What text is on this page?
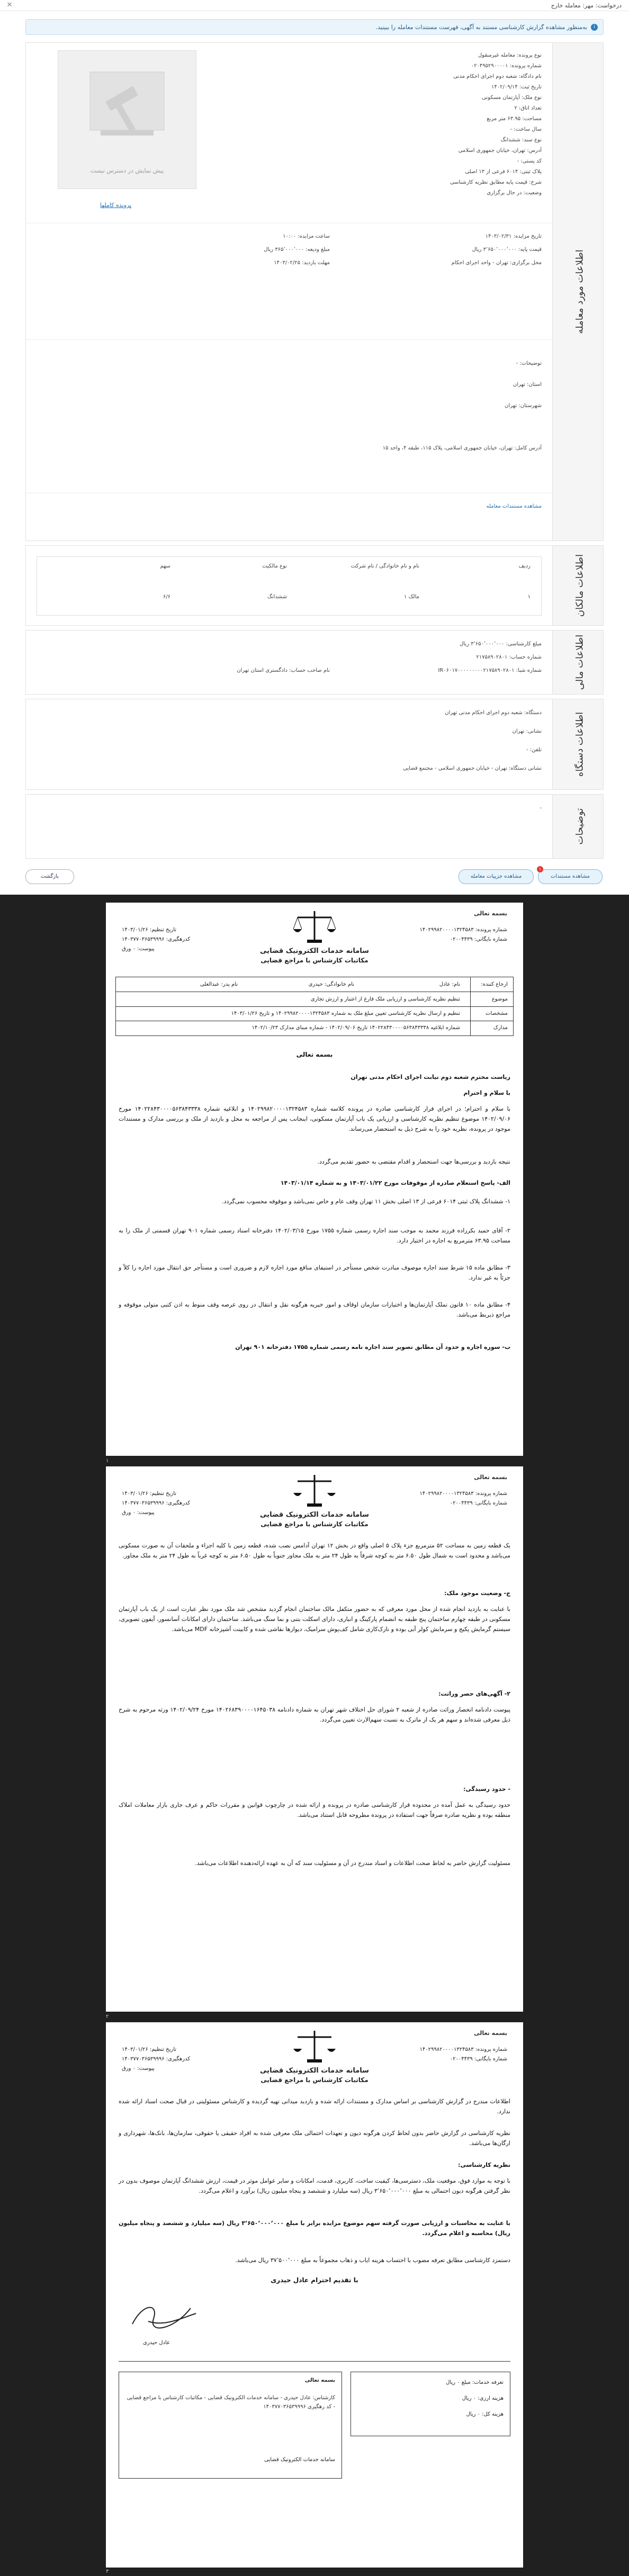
درخواست: مهر: معامله خارج
✕
i
به‌منظور مشاهده گزارش کارشناسی مستند به آگهی، فهرست مستندات معامله را ببینید.
اطلاعات مورد معامله
پیش نمایش در دسترس نیست
پرونده کاملها
نوع پرونده: معامله غیرمنقول
شماره پرونده: ۰۲۰۴۹۵۲۹۰۰۰۰۱
نام دادگاه: شعبه دوم اجرای احکام مدنی
تاریخ ثبت: ۱۴۰۲/۰۹/۱۴
نوع ملک: آپارتمان مسکونی
تعداد اتاق: ۲
مساحت: ۶۳.۹۵ متر مربع
سال ساخت: -
نوع سند: ششدانگ
آدرس: تهران، خیابان جمهوری اسلامی
کد پستی: -
پلاک ثبتی: ۶۰۱۴ فرعی از ۱۳ اصلی
شرح: قیمت پایه مطابق نظریه کارشناسی
وضعیت: در حال برگزاری
تاریخ مزایده: ۱۴۰۳/۰۲/۳۱
ساعت مزایده: ۱۰:۰۰
قیمت پایه: ۳٬۶۵۰٬۰۰۰٬۰۰۰ ریال
مبلغ ودیعه: ۳۶۵٬۰۰۰٬۰۰۰ ریال
محل برگزاری: تهران - واحد اجرای احکام
مهلت بازدید: ۱۴۰۳/۰۲/۲۵
توضیحات: -
استان: تهران
شهرستان: تهران
آدرس کامل: تهران، خیابان جمهوری اسلامی، پلاک ۱۱۵، طبقه ۴، واحد ۱۵
مشاهده مستندات معامله
اطلاعات مالکان
ردیف
نام و نام خانوادگی / نام شرکت
نوع مالکیت
سهم
۱
مالک ۱
ششدانگ
۶/۶
اطلاعات مالی
مبلغ کارشناسی: ۳٬۶۵۰٬۰۰۰٬۰۰۰ ریال
شماره حساب: ۲۱۷۵۸۹۰۲۸۰۱
شماره شبا: IR۰۶۰۱۷۰۰۰۰۰۰۰۰۰۲۱۷۵۸۹۰۲۸۰۱
نام صاحب حساب: دادگستری استان تهران
اطلاعات دستگاه
دستگاه: شعبه دوم اجرای احکام مدنی تهران
نشانی: تهران
تلفن: -
نشانی دستگاه: تهران - خیابان جمهوری اسلامی - مجتمع قضایی
توضیحات
-
مشاهده مستندات
۱
مشاهده جزییات معامله
بازگشت
بسمه تعالی
سامانه خدمات الکترونیک قضایی
مکاتبات کارشناس با مراجع قضایی
تاریخ تنظیم: ۱۴۰۳/۰۱/۲۶
کدرهگیری: ۱۴۰۳۷۷۰۳۶۵۳۹۹۹۶
پیوست: ۰ ورق
شماره پرونده: ۱۴۰۲۹۹۸۲۰۰۰۰۱۳۲۴۵۸۳
شماره بایگانی: ۰۲۰۰۴۴۳۹
ارجاع کننده:
نام: عادل
نام خانوادگی: حیدری
نام پدر: عبدالعلی
موضوع
تنظیم نظریه کارشناسی و ارزیابی ملک فارغ از اعتبار و ارزش تجاری
مشخصات
تنظیم و ارسال نظریه کارشناسی تعیین مبلغ ملک به شماره ۱۴۰۲۹۹۸۲۰۰۰۰۱۳۲۴۵۸۳ و تاریخ ۱۴۰۳/۰۱/۲۶
مدارک
شماره ابلاغیه ۱۴۰۲۲۸۴۳۰۰۰۰۵۶۳۸۴۳۳۳۸ تاریخ ۱۴۰۲/۰۹/۰۶ - شماره مبنای مدارک ۱۴۰۲/۱۰/۲۳
بسمه تعالی
ریاست محترم شعبه دوم نیابت اجرای احکام مدنی تهران
با سلام و احترام
با سلام و احترام؛ در اجرای قرار کارشناسی صادره در پرونده کلاسه شماره ۱۴۰۲۹۹۸۲۰۰۰۰۱۳۲۴۵۸۳ و ابلاغیه شماره ۱۴۰۲۲۸۴۳۰۰۰۰۵۶۳۸۴۳۳۳۸ مورخ ۱۴۰۲/۰۹/۰۶ موضوع تنظیم نظریه کارشناسی و ارزیابی یک باب آپارتمان مسکونی، اینجانب پس از مراجعه به محل و بازدید از ملک و بررسی مدارک و مستندات موجود در پرونده، نظریه خود را به شرح ذیل به استحضار می‌رساند.
نتیجه بازدید و بررسی‌ها جهت استحضار و اقدام مقتضی به حضور تقدیم می‌گردد.
الف- پاسخ استعلام صادره از موقوفات مورخ ۱۴۰۳/۰۱/۲۲ و به شماره ۱۴۰۳/۰۱/۱۴
۱- ششدانگ پلاک ثبتی ۶۰۱۴ فرعی از ۱۳ اصلی بخش ۱۱ تهران وقف عام و خاص نمی‌باشد و موقوفه محسوب نمی‌گردد.
۲- آقای حمید بکرزاده فرزند محمد به موجب سند اجاره رسمی شماره ۱۷۵۵ مورخ ۱۴۰۲/۰۳/۱۵ دفترخانه اسناد رسمی شماره ۹۰۱ تهران قسمتی از ملک را به مساحت ۶۳.۹۵ مترمربع به اجاره در اختیار دارد.
۳- مطابق ماده ۱۵ شرط سند اجاره موصوف مبادرت شخص مستأجر در استیفای منافع مورد اجاره لازم و ضروری است و مستأجر حق انتقال مورد اجاره را کلاً و جزئاً به غیر ندارد.
۴- مطابق ماده ۱۰ قانون تملک آپارتمان‌ها و اختیارات سازمان اوقاف و امور خیریه هرگونه نقل و انتقال در روی عرصه وقف منوط به اذن کتبی متولی موقوفه و مراجع ذیربط می‌باشد.
ب- سوره اجاره و حدود آن مطابق تصویر سند اجاره نامه رسمی شماره ۱۷۵۵ دفترخانه ۹۰۱ تهران
بسمه تعالی
سامانه خدمات الکترونیک قضایی
مکاتبات کارشناس با مراجع قضایی
تاریخ تنظیم: ۱۴۰۳/۰۱/۲۶
کدرهگیری: ۱۴۰۳۷۷۰۳۶۵۳۹۹۹۶
پیوست: ۰ ورق
شماره پرونده: ۱۴۰۲۹۹۸۲۰۰۰۰۱۳۲۴۵۸۳
شماره بایگانی: ۰۲۰۰۴۴۳۹
یک قطعه زمین به مساحت ۵۲ مترمربع جزء پلاک ۵ اصلی واقع در بخش ۱۲ تهران آدامس نصب شده، قطعه زمین با کلیه اجزاء و ملحقات آن به صورت مسکونی می‌باشد و محدود است به شمال طول ۶.۵۰ متر به کوچه شرقاً به طول ۲۴ متر به ملک مجاور جنوباً به طول ۶.۵۰ متر به کوچه غرباً به طول ۲۴ متر به ملک مجاور.
ج- وضعیت موجود ملک:
با عنایت به بازدید انجام شده از محل مورد معرفی که به حضور متکفل مالک ساختمان انجام گردید مشخص شد ملک مورد نظر عبارت است از یک باب آپارتمان مسکونی در طبقه چهارم ساختمان پنج طبقه به انضمام پارکینگ و انباری، دارای اسکلت بتنی و نما سنگ می‌باشد. ساختمان دارای امکانات آسانسور، آیفون تصویری، سیستم گرمایش پکیج و سرمایش کولر آبی بوده و نازک‌کاری شامل کف‌پوش سرامیک، دیوارها نقاشی شده و کابینت آشپزخانه MDF می‌باشد.
۲- آگهی‌های حصر وراثت:
پیوست دادنامه انحصار وراثت صادره از شعبه ۲ شورای حل اختلاف شهر تهران به شماره دادنامه ۱۴۰۲۶۸۳۹۰۰۰۰۱۶۴۵۰۳۸ مورخ ۱۴۰۲/۰۹/۲۴ ورثه مرحوم به شرح ذیل معرفی شده‌اند و سهم هر یک از ماترک به نسبت سهم‌الارث تعیین می‌گردد.
- حدود رسیدگی:
حدود رسیدگی به عمل آمده در محدوده قرار کارشناسی صادره در پرونده و ارائه شده در چارچوب قوانین و مقررات حاکم و عرف جاری بازار معاملات املاک منطقه بوده و نظریه صادره صرفاً جهت استفاده در پرونده مطروحه قابل استناد می‌باشد.
مسئولیت گزارش حاضر به لحاظ صحت اطلاعات و اسناد مندرج در آن و مسئولیت سند که آن به عهده ارائه‌دهنده اطلاعات می‌باشد.
بسمه تعالی
سامانه خدمات الکترونیک قضایی
مکاتبات کارشناس با مراجع قضایی
تاریخ تنظیم: ۱۴۰۳/۰۱/۲۶
کدرهگیری: ۱۴۰۳۷۷۰۳۶۵۳۹۹۹۶
پیوست: ۰ ورق
شماره پرونده: ۱۴۰۲۹۹۸۲۰۰۰۰۱۳۲۴۵۸۳
شماره بایگانی: ۰۲۰۰۴۴۳۹
اطلاعات مندرج در گزارش کارشناسی بر اساس مدارک و مستندات ارائه شده و بازدید میدانی تهیه گردیده و کارشناس مسئولیتی در قبال صحت اسناد ارائه شده ندارد.
نظریه کارشناسی در گزارش حاضر بدون لحاظ کردن هرگونه دیون و تعهدات احتمالی ملک معرفی شده به افراد حقیقی یا حقوقی، سازمان‌ها، بانک‌ها، شهرداری و ارگان‌ها می‌باشد.
نظریه کارشناسی:
با توجه به موارد فوق، موقعیت ملک، دسترسی‌ها، کیفیت ساخت، کاربری، قدمت، امکانات و سایر عوامل موثر در قیمت، ارزش ششدانگ آپارتمان موصوف بدون در نظر گرفتن هرگونه دیون احتمالی به مبلغ ۳٬۶۵۰٬۰۰۰٬۰۰۰ ریال (سه میلیارد و ششصد و پنجاه میلیون ریال) برآورد و اعلام می‌گردد.
با عنایت به محاسبات و ارزیابی صورت گرفته سهم موضوع مزایده برابر با مبلغ ۳٬۶۵۰٬۰۰۰٬۰۰۰ ریال (سه میلیارد و ششصد و پنجاه میلیون ریال) محاسبه و اعلام می‌گردد.
دستمزد کارشناسی مطابق تعرفه مصوب با احتساب هزینه ایاب و ذهاب مجموعاً به مبلغ ۳۷٬۵۰۰٬۰۰۰ ریال می‌باشد.
با تقدیم احترام عادل حیدری
عادل حیدری
بسمه تعالی
کارشناس: عادل حیدری - سامانه خدمات الکترونیک قضایی - مکاتبات کارشناس با مراجع قضایی - کد رهگیری ۱۴۰۳۷۷۰۳۶۵۳۹۹۹۶
سامانه خدمات الکترونیک قضایی
تعرفه خدمات: مبلغ ۰ ریال
هزینه ارزی: ۰ ریال
هزینه کل: ۰ ریال
۱
۲
۳
